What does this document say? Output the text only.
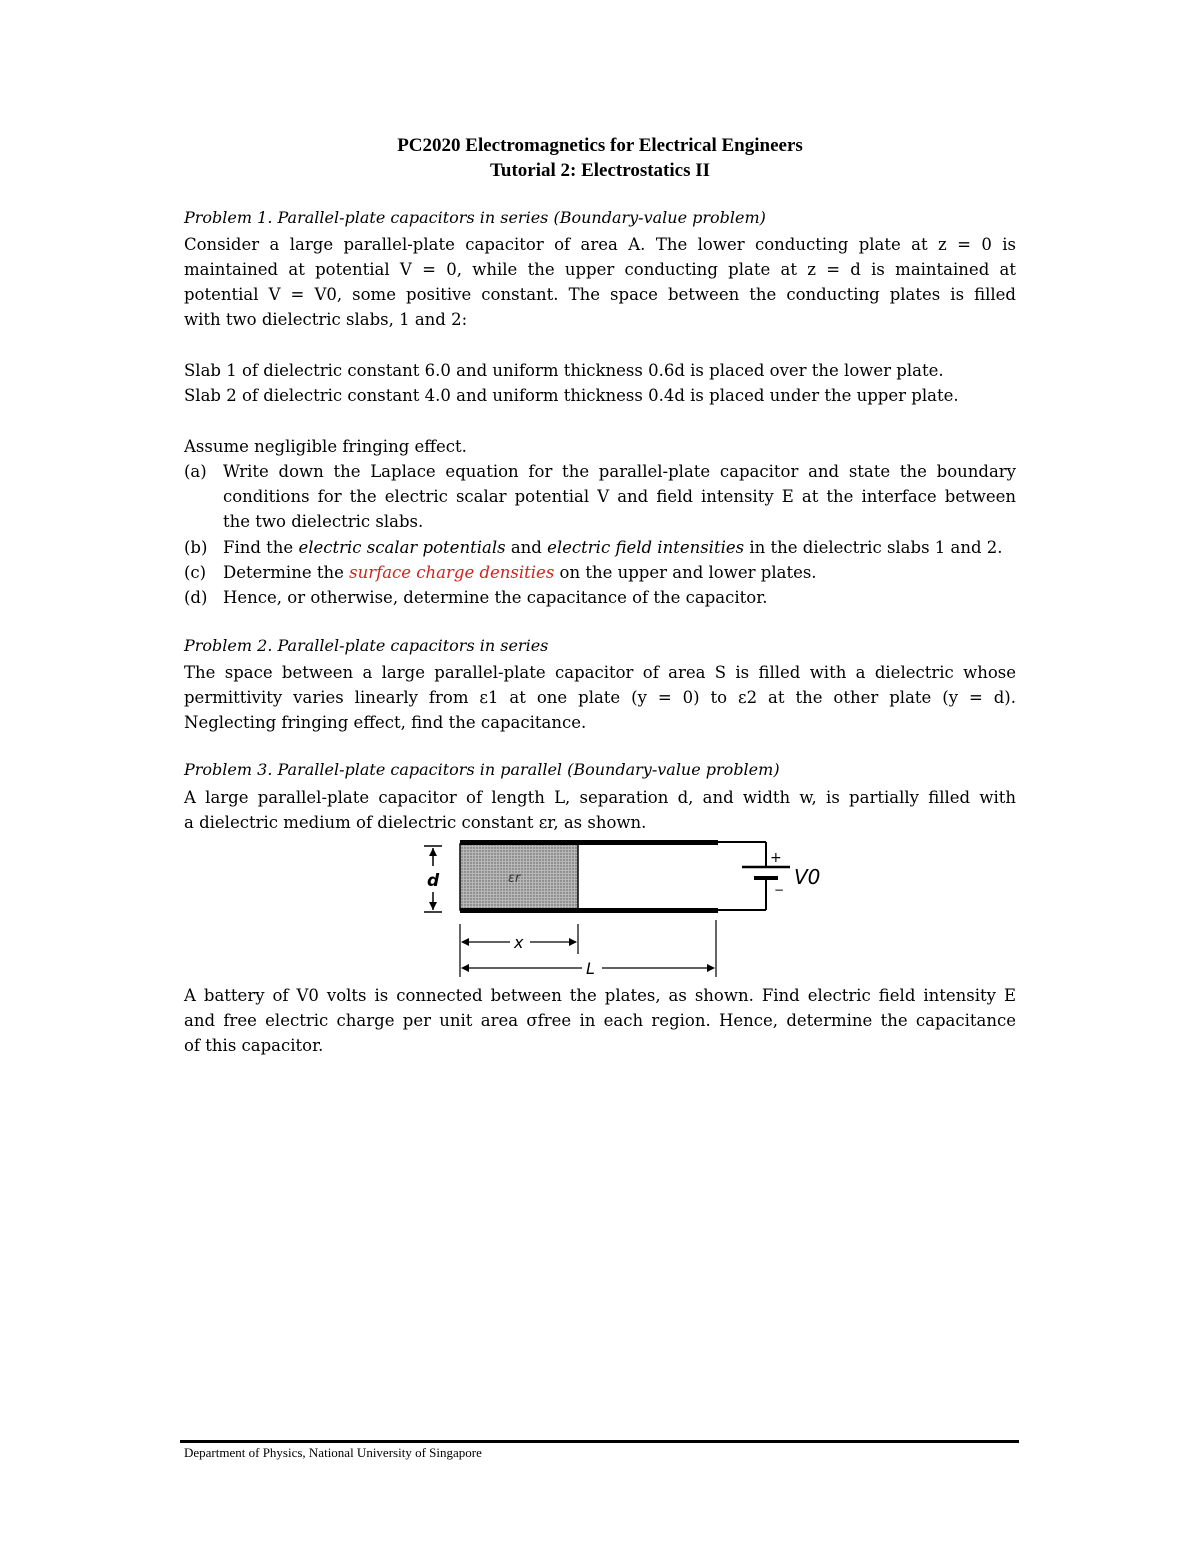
PC2020 Electromagnetics for Electrical Engineers
Tutorial 2: Electrostatics II
Problem 1. Parallel-plate capacitors in series (Boundary-value problem)
Consider a large parallel-plate capacitor of area A. The lower conducting plate at z = 0 is
maintained at potential V = 0, while the upper conducting plate at z = d is maintained at
potential V = V0, some positive constant. The space between the conducting plates is filled
with two dielectric slabs, 1 and 2:
Slab 1 of dielectric constant 6.0 and uniform thickness 0.6d is placed over the lower plate.
Slab 2 of dielectric constant 4.0 and uniform thickness 0.4d is placed under the upper plate.
Assume negligible fringing effect.
(a) Write down the Laplace equation for the parallel-plate capacitor and state the boundary
conditions for the electric scalar potential V and field intensity E at the interface between
the two dielectric slabs.
(b) Find the electric scalar potentials and electric field intensities in the dielectric slabs 1 and 2.
(c)	Determine the surface charge densities on the upper and lower plates.
(d) Hence, or otherwise, determine the capacitance of the capacitor.
Problem 2. Parallel-plate capacitors in series
The space between a large parallel-plate capacitor of area S is filled with a dielectric whose
permittivity varies linearly from ε1 at one plate (y = 0) to ε2 at the other plate (y = d).
Neglecting fringing effect, find the capacitance.
Problem 3. Parallel-plate capacitors in parallel (Boundary-value problem)
A large parallel-plate capacitor of length L, separation d, and width w, is partially filled with
a dielectric medium of dielectric constant εr, as shown.
+
−
V0
d	εr
x
L
A battery of V0 volts is connected between the plates, as shown. Find electric field intensity E
and free electric charge per unit area σfree in each region. Hence, determine the capacitance
of this capacitor.
Department of Physics, National University of Singapore
